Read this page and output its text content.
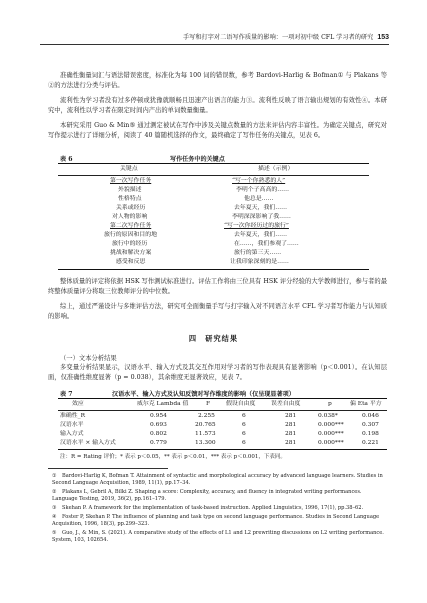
手写和打字对二语写作质量的影响：一项对初中级 CFL 学习者的研究 153
准确性衡量词汇与语法错误密度，标准化为每 100 词的错误数，参考 Bardovi-Harlig & Bofman① 与 Plakans 等②的方法进行分类与评估。
流利性为学习者没有过多停顿或犹豫就顺畅且迅速产出语言的能力③。流利性反映了语言输出规划的有效性④。本研究中，流利性以学习者在限定时间内产出的单词数量衡量。
本研究采用 Guo & Min⑤ 通过测定被试在写作中涉及关键点数量的方法来评估内容丰富性。为确定关键点，研究对写作提示进行了详细分析，阅读了 40 篇随机选择的作文，最终确定了写作任务的关键点，见表 6。
表 6	写作任务中的关键点
关键点	描述（示例）
第一次写作任务	“写一个你熟悉的人”
外貌描述	李明个子高高的……
性格特点	他总是……
关系或经历	去年夏天，我们……
对人物的影响	李明深深影响了我……
第二次写作任务	“写一次你经历过的旅行”
旅行的原因和目的地	去年夏天，我们……
旅行中的经历	在……，我们参观了……
挑战和解决方案	旅行的第三天……
感受和反思	让我印象深刻的是……
整体质量的评定将依据 HSK 写作测试标准进行。评估工作将由三位具有 HSK 评分经验的大学教师进行，参与者的最终整体质量评分将取三位教师评分的中位数。
综上，通过严谨设计与多维评估方法，研究可全面衡量手写与打字输入对不同语言水平 CFL 学习者写作能力与认知质的影响。
四　研究结果
（一）文本分析结果
多变量分析结果显示，汉语水平、输入方式及其交互作用对学习者的写作表现具有显著影响（p＜0.001）。在认知层面，仅准确性维度显著（p = 0.038），其余维度无显著效应，见表 7。
表 7	汉语水平、输入方式及认知反馈对写作维度的影响（仅呈现显著项）
效应	威尔克 Lambda 值	F	假设自由度	误差自由度	p	偏 Eta 平方
准确性_R	0.954	2.255	6	281	0.038*	0.046
汉语水平	0.693	20.765	6	281	0.000***	0.307
输入方式	0.802	11.573	6	281	0.000***	0.198
汉语水平 × 输入方式	0.779	13.300	6	281	0.000***	0.221
注：R = Rating 评价；* 表示 p＜0.05，** 表示 p＜0.01，*** 表示 p＜0.001，下表同。
① Bardovi-Harlig K, Bofman T. Attainment of syntactic and morphological accuracy by advanced language learners. Studies in Second Language Acquisition, 1989, 11(1), pp.17–34.
② Plakans L, Gebril A, Bilki Z. Shaping a score: Complexity, accuracy, and fluency in integrated writing performances. Language Testing, 2019, 36(2), pp.161–179.
③ Skehan P. A framework for the implementation of task-based instruction. Applied Linguistics, 1996, 17(1), pp.38–62.
④ Foster P, Skehan P. The influence of planning and task type on second language performance. Studies in Second Language Acquisition, 1996, 18(3), pp.299–323.
⑤ Guo, J., & Min, S. (2021). A comparative study of the effects of L1 and L2 prewriting discussions on L2 writing performance. System, 103, 102654.
